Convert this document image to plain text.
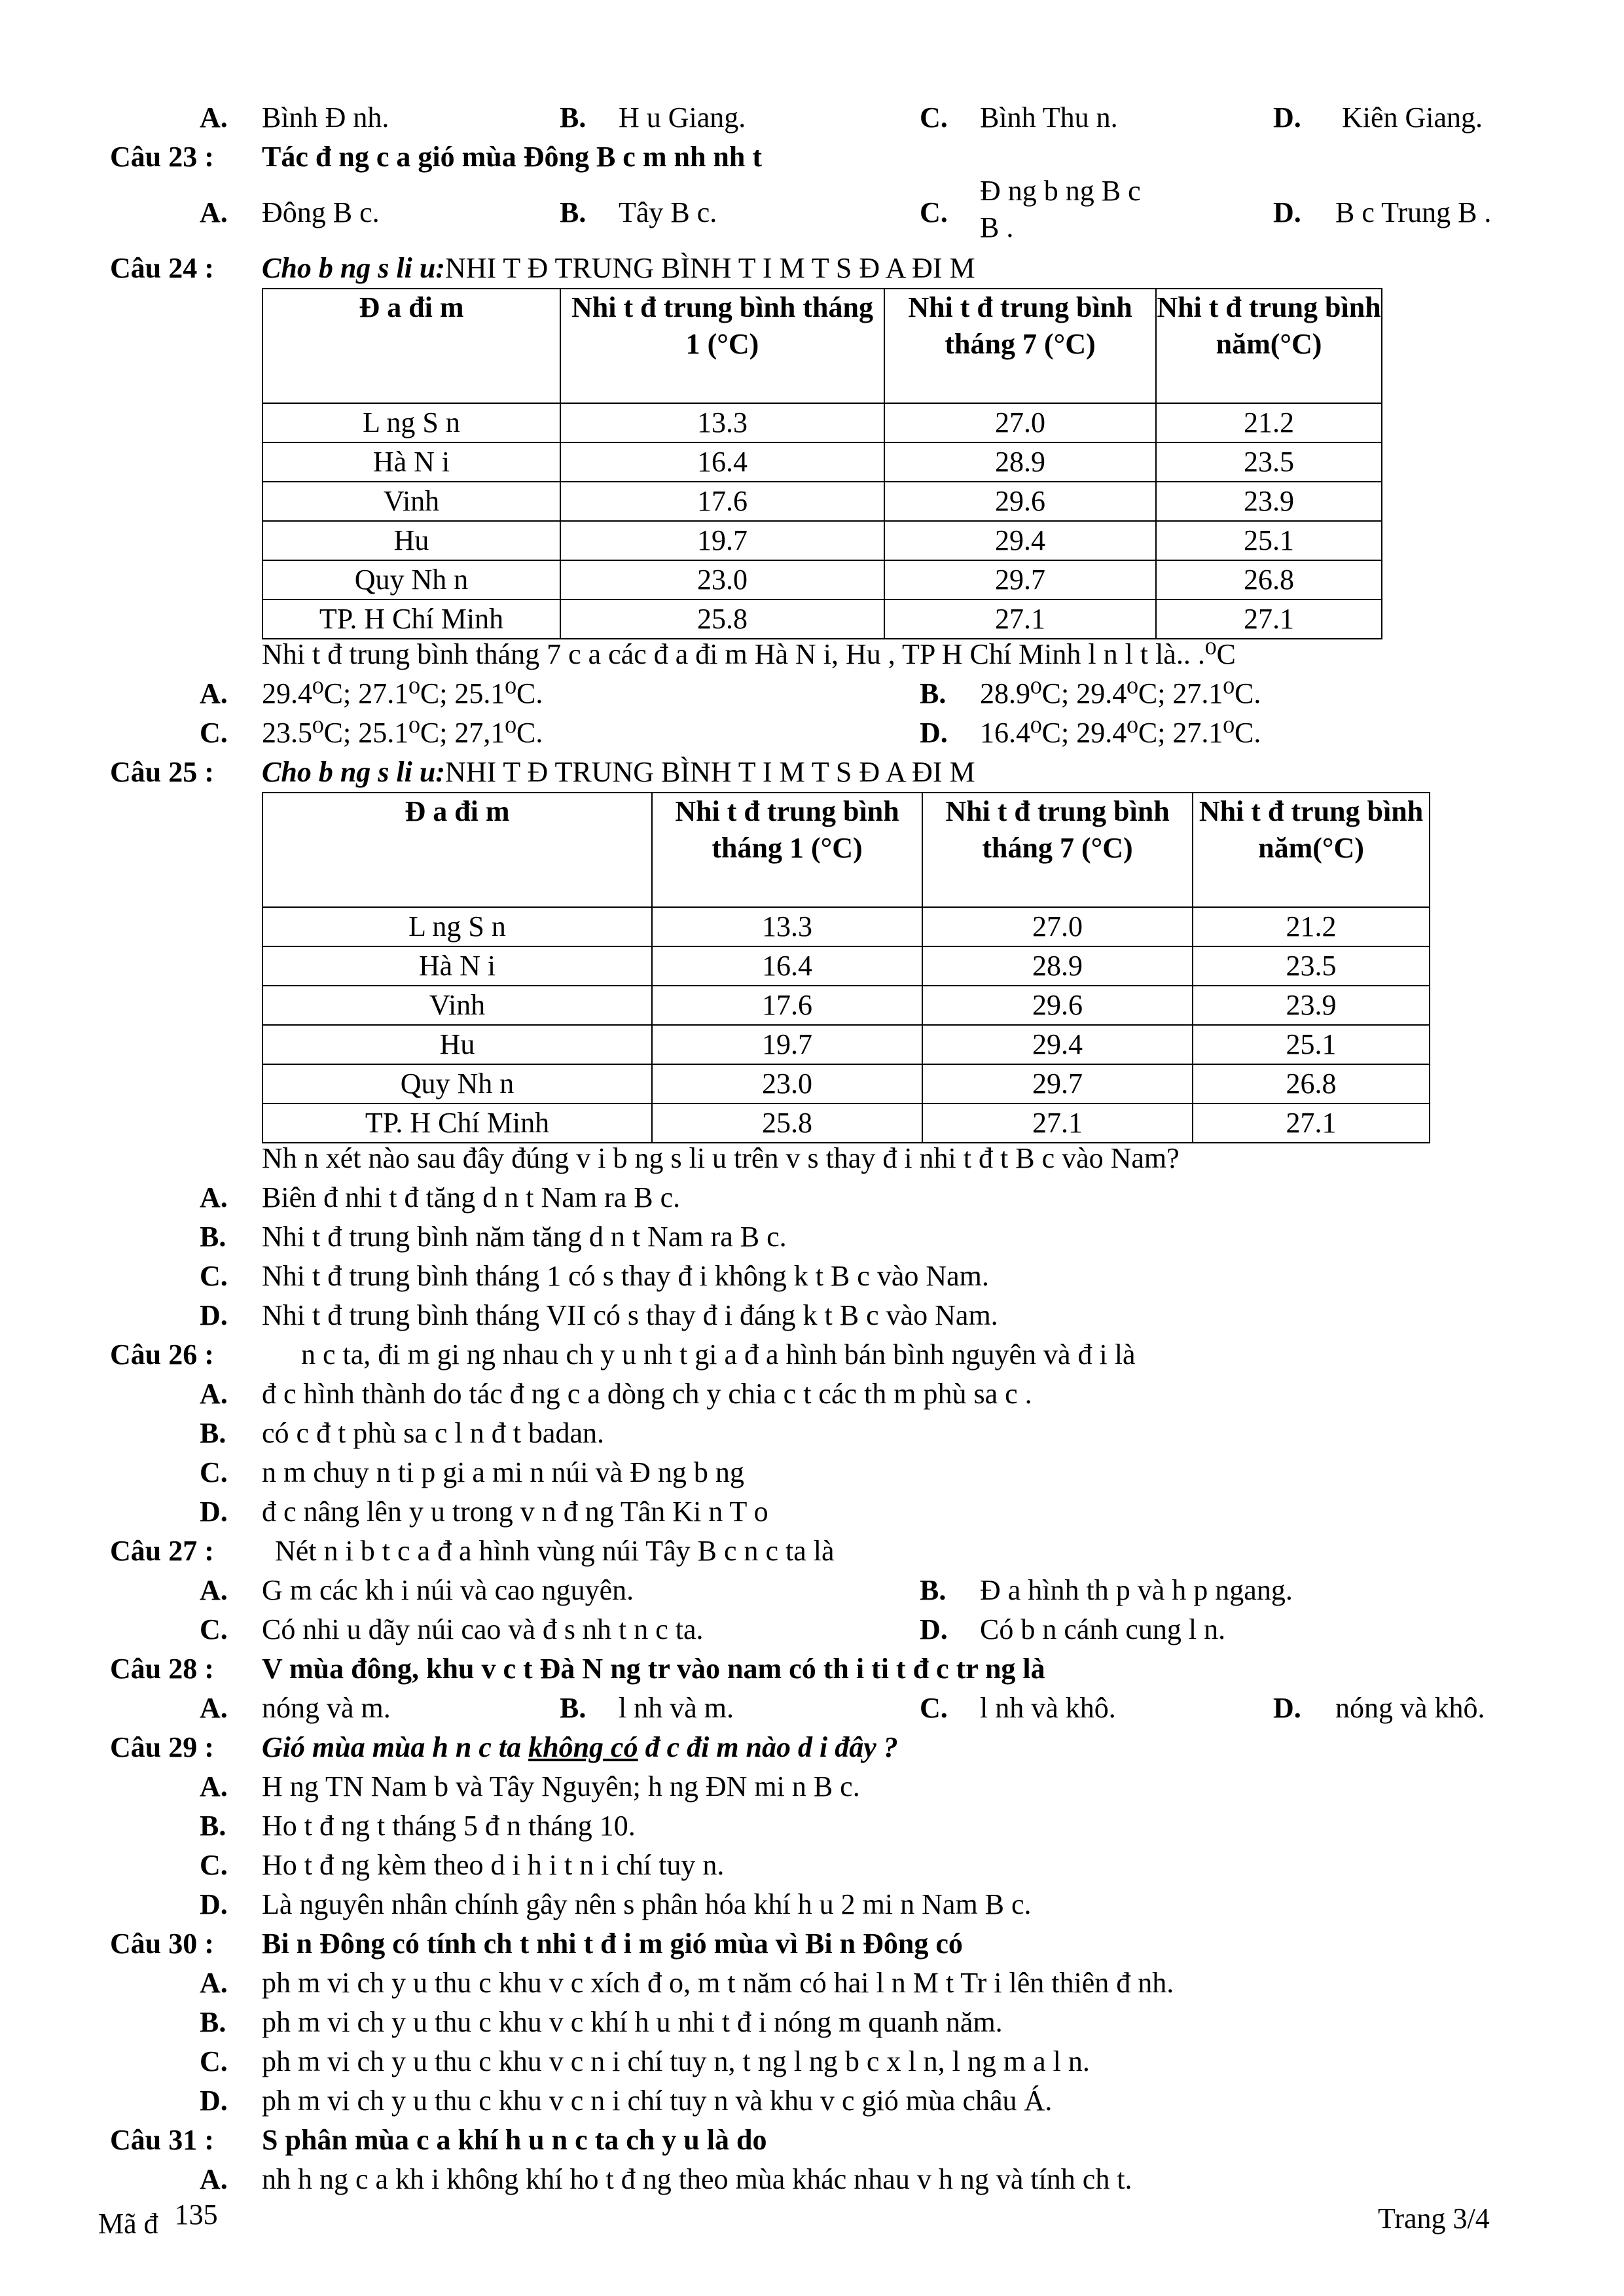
A. Bình Đ nh.	B. H u Giang.	C. Bình Thu n.	D. Kiên Giang.
Câu 23 : Tác đ ng c a gió mùa Đông B c m nh nh t
A. Đông B c.	B. Tây B c.	C.
Đ ng b ng B c
B .	D. B c Trung B .
Câu 24 : Cho b ng s li u:NHI T Đ TRUNG BÌNH T I M T S Đ A ĐI M
Đ a đi m	Nhi t đ trung bình tháng 1 (°C)	Nhi t đ trung bình tháng 7 (°C)	Nhi t đ trung bình năm(°C)
L ng S n	13.3	27.0	21.2
Hà N i	16.4	28.9	23.5
Vinh	17.6	29.6	23.9
Hu	19.7	29.4	25.1
Quy Nh n	23.0	29.7	26.8
TP. H Chí Minh	25.8	27.1	27.1
Nhi t đ trung bình tháng 7 c a các đ a đi m Hà N i, Hu , TP H Chí Minh l n l t là.. .⁰C
A. 29.4⁰C; 27.1⁰C; 25.1⁰C.	B. 28.9⁰C; 29.4⁰C; 27.1⁰C.
C. 23.5⁰C; 25.1⁰C; 27,1⁰C.	D. 16.4⁰C; 29.4⁰C; 27.1⁰C.
Câu 25 : Cho b ng s li u:NHI T Đ TRUNG BÌNH T I M T S Đ A ĐI M
Đ a đi m	Nhi t đ trung bình tháng 1 (°C)	Nhi t đ trung bình tháng 7 (°C)	Nhi t đ trung bình năm(°C)
L ng S n	13.3	27.0	21.2
Hà N i	16.4	28.9	23.5
Vinh	17.6	29.6	23.9
Hu	19.7	29.4	25.1
Quy Nh n	23.0	29.7	26.8
TP. H Chí Minh	25.8	27.1	27.1
Nh n xét nào sau đây đúng v i b ng s li u trên v s thay đ i nhi t đ t B c vào Nam?
A. Biên đ nhi t đ tăng d n t Nam ra B c.
B. Nhi t đ trung bình năm tăng d n t Nam ra B c.
C. Nhi t đ trung bình tháng 1 có s thay đ i không k t B c vào Nam.
D. Nhi t đ trung bình tháng VII có s thay đ i đáng k t B c vào Nam.
Câu 26 :	n c ta, đi m gi ng nhau ch y u nh t gi a đ a hình bán bình nguyên và đ i là
A. đ c hình thành do tác đ ng c a dòng ch y chia c t các th m phù sa c .
B. có c đ t phù sa c l n đ t badan.
C. n m chuy n ti p gi a mi n núi và Đ ng b ng
D. đ c nâng lên y u trong v n đ ng Tân Ki n T o
Câu 27 : Nét n i b t c a đ a hình vùng núi Tây B c n c ta là
A. G m các kh i núi và cao nguyên.	B. Đ a hình th p và h p ngang.
C. Có nhi u dãy núi cao và đ s nh t n c ta.	D. Có b n cánh cung l n.
Câu 28 : V mùa đông, khu v c t Đà N ng tr vào nam có th i ti t đ c tr ng là
A. nóng và m.	B. l nh và m.	C. l nh và khô.	D. nóng và khô.
Câu 29 : Gió mùa mùa h n c ta không có đ c đi m nào d i đây ?
A. H ng TN Nam b và Tây Nguyên; h ng ĐN mi n B c.
B. Ho t đ ng t tháng 5 đ n tháng 10.
C. Ho t đ ng kèm theo d i h i t n i chí tuy n.
D. Là nguyên nhân chính gây nên s phân hóa khí h u 2 mi n Nam B c.
Câu 30 : Bi n Đông có tính ch t nhi t đ i m gió mùa vì Bi n Đông có
A. ph m vi ch y u thu c khu v c xích đ o, m t năm có hai l n M t Tr i lên thiên đ nh.
B. ph m vi ch y u thu c khu v c khí h u nhi t đ i nóng m quanh năm.
C. ph m vi ch y u thu c khu v c n i chí tuy n, t ng l ng b c x l n, l ng m a l n.
D. ph m vi ch y u thu c khu v c n i chí tuy n và khu v c gió mùa châu Á.
Câu 31 : S phân mùa c a khí h u n c ta ch y u là do
A. nh h ng c a kh i không khí ho t đ ng theo mùa khác nhau v h ng và tính ch t.
Mã đ 135	Trang 3/4
